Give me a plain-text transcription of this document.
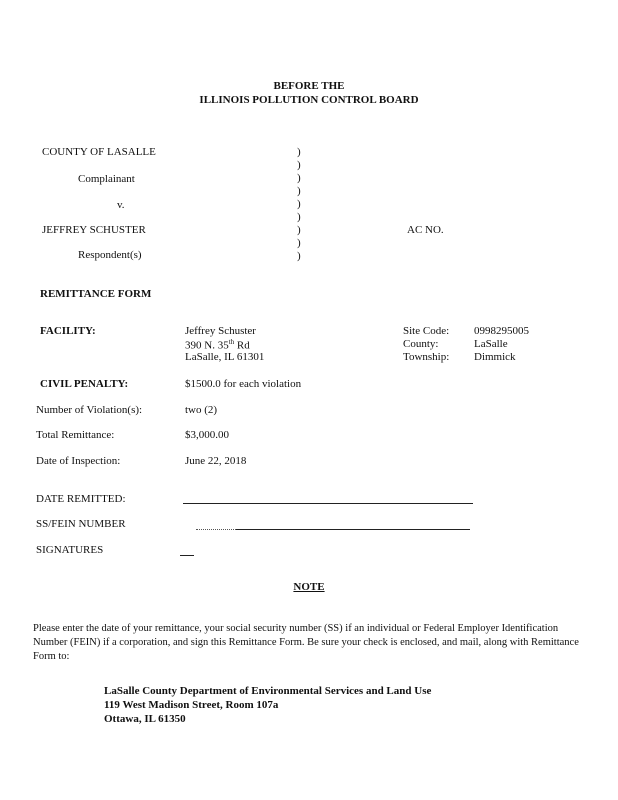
BEFORE THE
ILLINOIS POLLUTION CONTROL BOARD
COUNTY OF LASALLE
Complainant
v.
JEFFREY SCHUSTER
Respondent(s)
)
)
)
)
)
)
)
)
)
AC NO.
REMITTANCE FORM
FACILITY:	Jeffrey Schuster
390 N. 35th Rd
LaSalle, IL 61301
Site Code: 0998295005
County:	LaSalle
Township: Dimmick
CIVIL PENALTY:	$1500.0 for each violation
Number of Violation(s):	two (2)
Total Remittance:	$3,000.00
Date of Inspection:	June 22, 2018
DATE REMITTED:
SS/FEIN NUMBER
SIGNATURES
NOTE
Please enter the date of your remittance, your social security number (SS) if an individual or Federal Employer Identification Number (FEIN) if a corporation, and sign this Remittance Form. Be sure your check is enclosed, and mail, along with Remittance Form to:
LaSalle County Department of Environmental Services and Land Use
119 West Madison Street, Room 107a
Ottawa, IL 61350
